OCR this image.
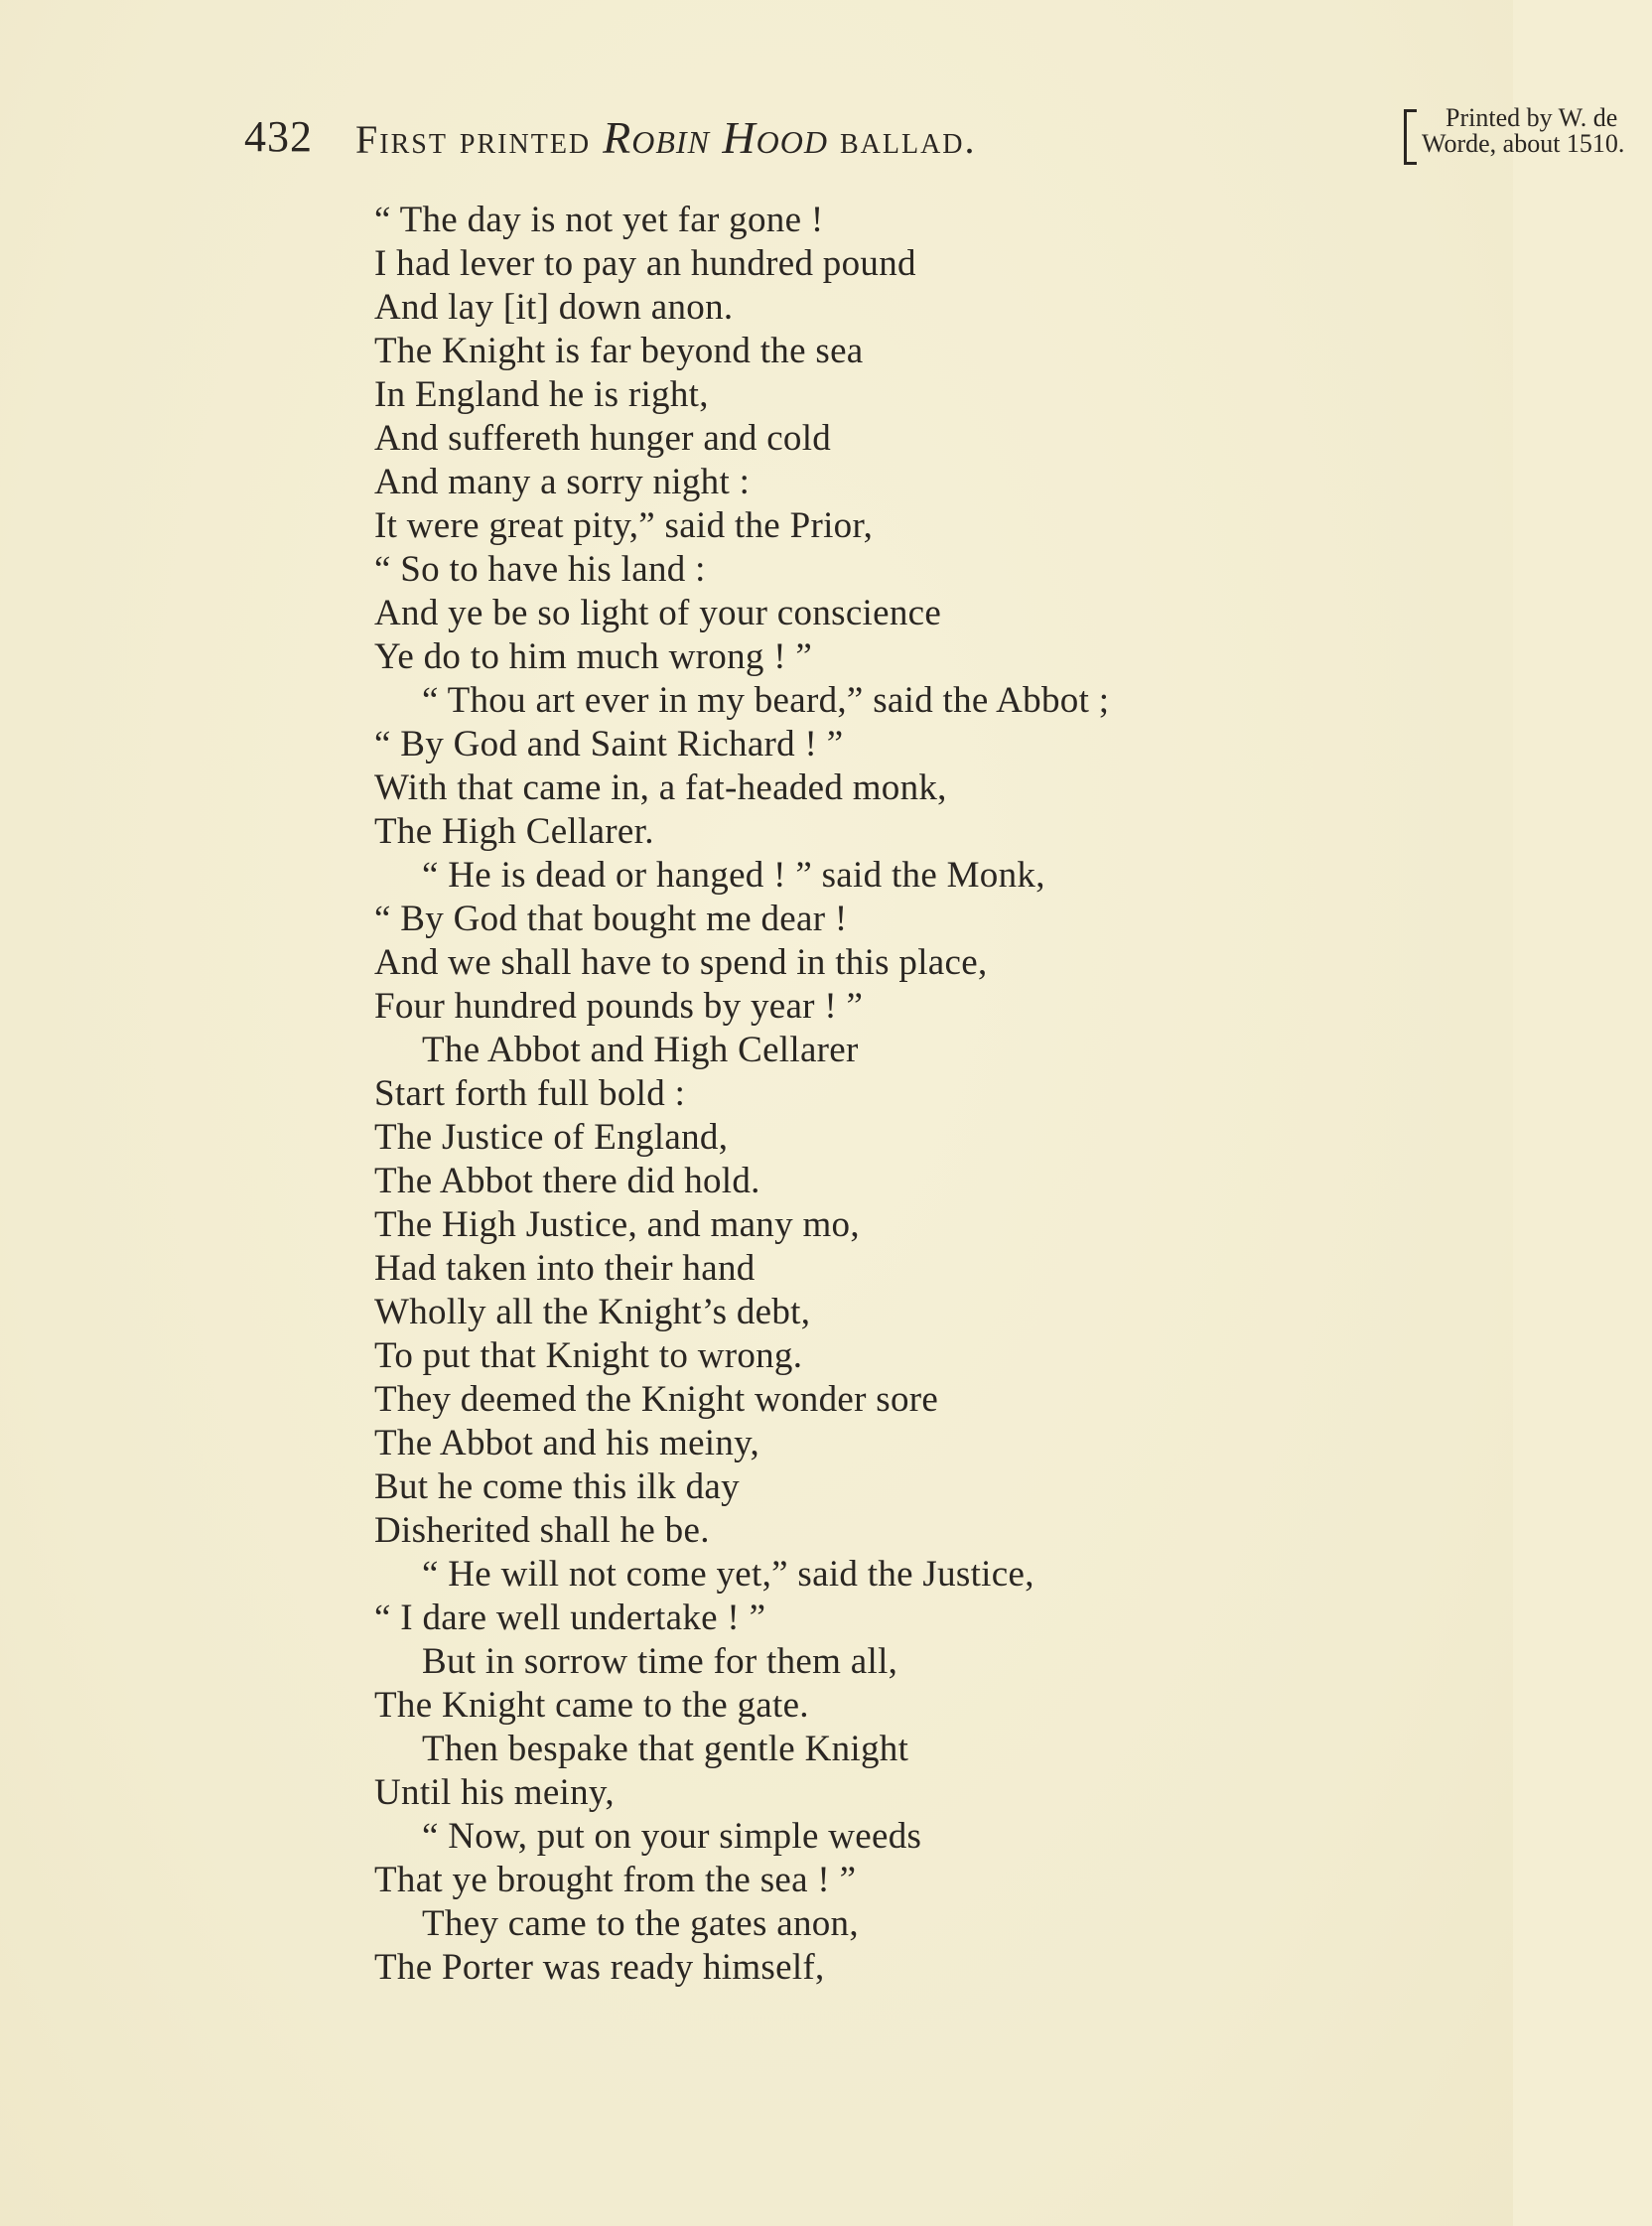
432 First printed Robin Hood ballad.	Printed by W. de
Worde, about 1510.
“ The day is not yet far gone !
I had lever to pay an hundred pound
And lay [it] down anon.
The Knight is far beyond the sea
In England he is right,
And suffereth hunger and cold
And many a sorry night :
It were great pity,” said the Prior,
“ So to have his land :
And ye be so light of your conscience
Ye do to him much wrong ! ”
“ Thou art ever in my beard,” said the Abbot ;
“ By God and Saint Richard ! ”
With that came in, a fat-headed monk,
The High Cellarer.
“ He is dead or hanged ! ” said the Monk,
“ By God that bought me dear !
And we shall have to spend in this place,
Four hundred pounds by year ! ”
The Abbot and High Cellarer
Start forth full bold :
The Justice of England,
The Abbot there did hold.
The High Justice, and many mo,
Had taken into their hand
Wholly all the Knight’s debt,
To put that Knight to wrong.
They deemed the Knight wonder sore
The Abbot and his meiny,
But he come this ilk day
Disherited shall he be.
“ He will not come yet,” said the Justice,
“ I dare well undertake ! ”
But in sorrow time for them all,
The Knight came to the gate.
Then bespake that gentle Knight
Until his meiny,
“ Now, put on your simple weeds
That ye brought from the sea ! ”
They came to the gates anon,
The Porter was ready himself,
